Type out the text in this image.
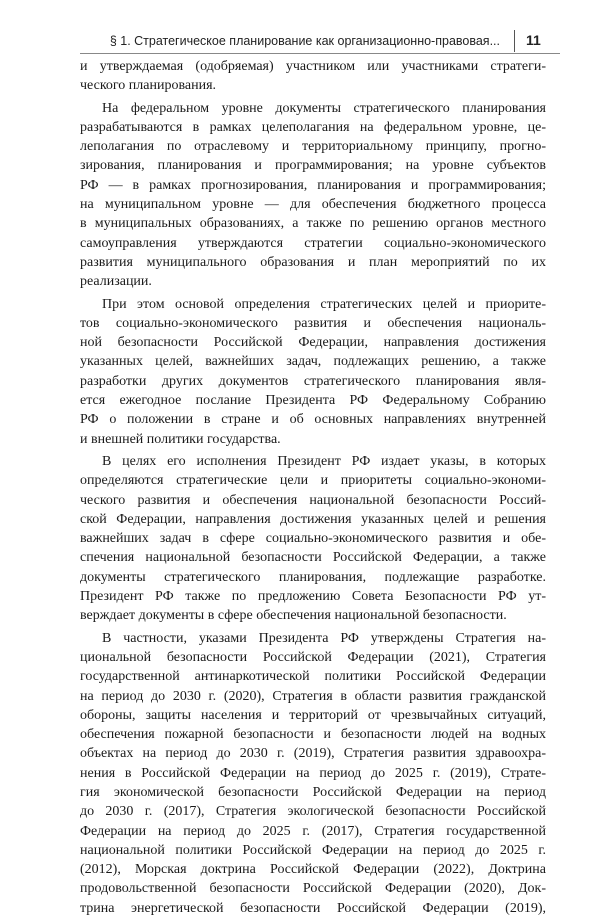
§ 1. Стратегическое планирование как организационно-правовая... 11
и утверждаемая (одобряемая) участником или участниками стратеги-
ческого планирования.
На федеральном уровне документы стратегического планирования
разрабатываются в рамках целеполагания на федеральном уровне, це-
леполагания по отраслевому и территориальному принципу, прогно-
зирования, планирования и программирования; на уровне субъектов
РФ — в рамках прогнозирования, планирования и программирования;
на муниципальном уровне — для обеспечения бюджетного процесса
в муниципальных образованиях, а также по решению органов местного
самоуправления утверждаются стратегии социально-экономического
развития муниципального образования и план мероприятий по их
реализации.
При этом основой определения стратегических целей и приорите-
тов социально-экономического развития и обеспечения националь-
ной безопасности Российской Федерации, направления достижения
указанных целей, важнейших задач, подлежащих решению, а также
разработки других документов стратегического планирования явля-
ется ежегодное послание Президента РФ Федеральному Собранию
РФ о положении в стране и об основных направлениях внутренней
и внешней политики государства.
В целях его исполнения Президент РФ издает указы, в которых
определяются стратегические цели и приоритеты социально-экономи-
ческого развития и обеспечения национальной безопасности Россий-
ской Федерации, направления достижения указанных целей и решения
важнейших задач в сфере социально-экономического развития и обе-
спечения национальной безопасности Российской Федерации, а также
документы стратегического планирования, подлежащие разработке.
Президент РФ также по предложению Совета Безопасности РФ ут-
верждает документы в сфере обеспечения национальной безопасности.
В частности, указами Президента РФ утверждены Стратегия на-
циональной безопасности Российской Федерации (2021), Стратегия
государственной антинаркотической политики Российской Федерации
на период до 2030 г. (2020), Стратегия в области развития гражданской
обороны, защиты населения и территорий от чрезвычайных ситуаций,
обеспечения пожарной безопасности и безопасности людей на водных
объектах на период до 2030 г. (2019), Стратегия развития здравоохра-
нения в Российской Федерации на период до 2025 г. (2019), Страте-
гия экономической безопасности Российской Федерации на период
до 2030 г. (2017), Стратегия экологической безопасности Российской
Федерации на период до 2025 г. (2017), Стратегия государственной
национальной политики Российской Федерации на период до 2025 г.
(2012), Морская доктрина Российской Федерации (2022), Доктрина
продовольственной безопасности Российской Федерации (2020), Док-
трина энергетической безопасности Российской Федерации (2019),
